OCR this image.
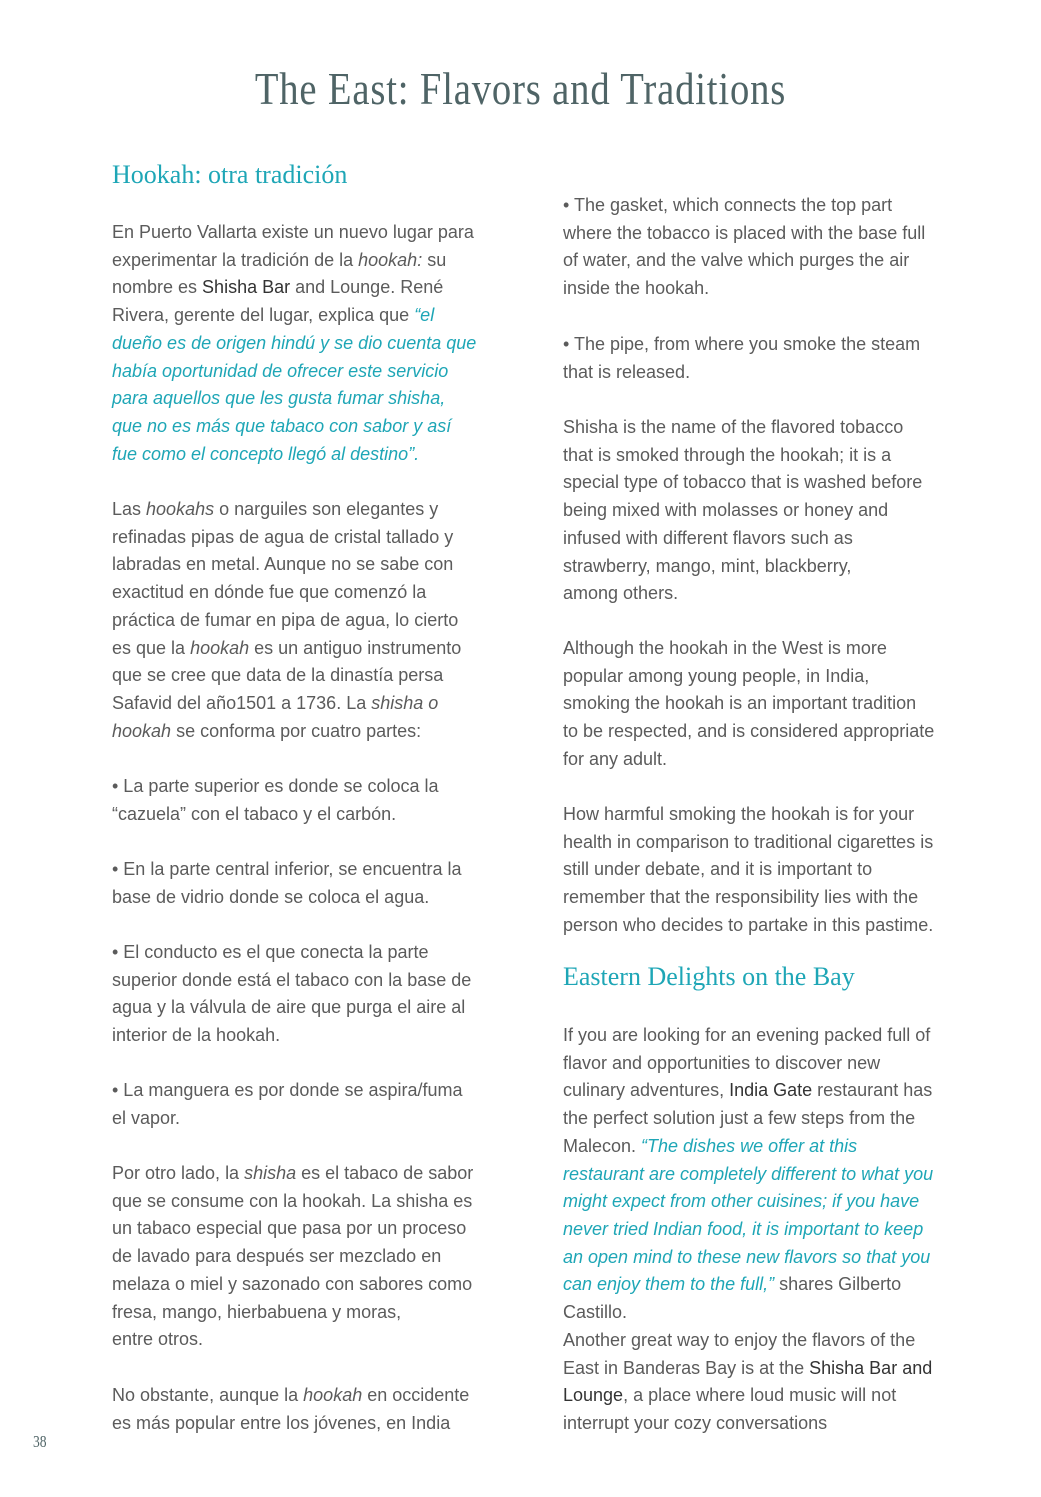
The East: Flavors and Traditions
Hookah: otra tradición

En Puerto Vallarta existe un nuevo lugar para experimentar la tradición de la hookah: su nombre es Shisha Bar and Lounge. René Rivera, gerente del lugar, explica que “el dueño es de origen hindú y se dio cuenta que había oportunidad de ofrecer este servicio para aquellos que les gusta fumar shisha, que no es más que tabaco con sabor y así fue como el concepto llegó al destino”.

Las hookahs o narguiles son elegantes y refinadas pipas de agua de cristal tallado y labradas en metal. Aunque no se sabe con exactitud en dónde fue que comenzó la práctica de fumar en pipa de agua, lo cierto es que la hookah es un antiguo instrumento que se cree que data de la dinastía persa Safavid del año1501 a 1736. La shisha o hookah se conforma por cuatro partes:

• La parte superior es donde se coloca la “cazuela” con el tabaco y el carbón.

• En la parte central inferior, se encuentra la base de vidrio donde se coloca el agua.

• El conducto es el que conecta la parte superior donde está el tabaco con la base de agua y la válvula de aire que purga el aire al interior de la hookah.

• La manguera es por donde se aspira/fuma el vapor.

Por otro lado, la shisha es el tabaco de sabor que se consume con la hookah. La shisha es un tabaco especial que pasa por un proceso de lavado para después ser mezclado en melaza o miel y sazonado con sabores como fresa, mango, hierbabuena y moras,
entre otros.

No obstante, aunque la hookah en occidente es más popular entre los jóvenes, en India

• The gasket, which connects the top part where the tobacco is placed with the base full of water, and the valve which purges the air inside the hookah.

• The pipe, from where you smoke the steam that is released.

Shisha is the name of the flavored tobacco that is smoked through the hookah; it is a special type of tobacco that is washed before being mixed with molasses or honey and infused with different flavors such as strawberry, mango, mint, blackberry,
among others.

Although the hookah in the West is more popular among young people, in India, smoking the hookah is an important tradition to be respected, and is considered appropriate for any adult.

How harmful smoking the hookah is for your health in comparison to traditional cigarettes is still under debate, and it is important to remember that the responsibility lies with the person who decides to partake in this pastime.

Eastern Delights on the Bay

If you are looking for an evening packed full of flavor and opportunities to discover new culinary adventures, India Gate restaurant has the perfect solution just a few steps from the Malecon. “The dishes we offer at this restaurant are completely different to what you might expect from other cuisines; if you have never tried Indian food, it is important to keep an open mind to these new flavors so that you can enjoy them to the full,” shares Gilberto Castillo.

Another great way to enjoy the flavors of the East in Banderas Bay is at the Shisha Bar and Lounge, a place where loud music will not interrupt your cozy conversations

38
